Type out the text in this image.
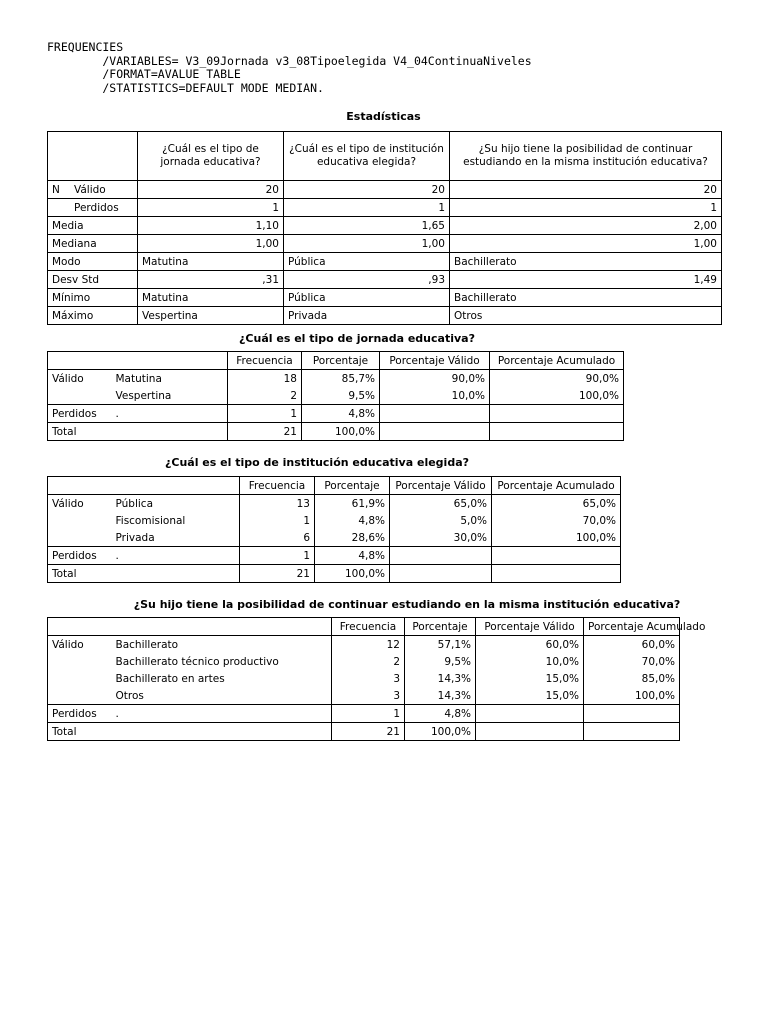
FREQUENCIES
/VARIABLES= V3_09Jornada v3_08Tipoelegida V4_04ContinuaNiveles
/FORMAT=AVALUE TABLE
/STATISTICS=DEFAULT MODE MEDIAN.
Estadísticas
	¿Cuál es el tipo de jornada educativa?	¿Cuál es el tipo de institución educativa elegida?	¿Su hijo tiene la posibilidad de continuar estudiando en la misma institución educativa?
N Válido	20	20	20
Perdidos	1	1	1
Media	1,10	1,65	2,00
Mediana	1,00	1,00	1,00
Modo	Matutina	Pública	Bachillerato
Desv Std	,31	,93	1,49
Mínimo	Matutina	Pública	Bachillerato
Máximo	Vespertina	Privada	Otros
¿Cuál es el tipo de jornada educativa?
		Frecuencia	Porcentaje	Porcentaje Válido	Porcentaje Acumulado
Válido	Matutina	18	85,7%	90,0%	90,0%
	Vespertina	2	9,5%	10,0%	100,0%
Perdidos	.	1	4,8%		
Total		21	100,0%		
¿Cuál es el tipo de institución educativa elegida?
		Frecuencia	Porcentaje	Porcentaje Válido	Porcentaje Acumulado
Válido	Pública	13	61,9%	65,0%	65,0%
	Fiscomisional	1	4,8%	5,0%	70,0%
	Privada	6	28,6%	30,0%	100,0%
Perdidos	.	1	4,8%		
Total		21	100,0%		
¿Su hijo tiene la posibilidad de continuar estudiando en la misma institución educativa?
		Frecuencia	Porcentaje	Porcentaje Válido	Porcentaje Acumulado
Válido	Bachillerato	12	57,1%	60,0%	60,0%
	Bachillerato técnico productivo	2	9,5%	10,0%	70,0%
	Bachillerato en artes	3	14,3%	15,0%	85,0%
	Otros	3	14,3%	15,0%	100,0%
Perdidos	.	1	4,8%		
Total		21	100,0%		
